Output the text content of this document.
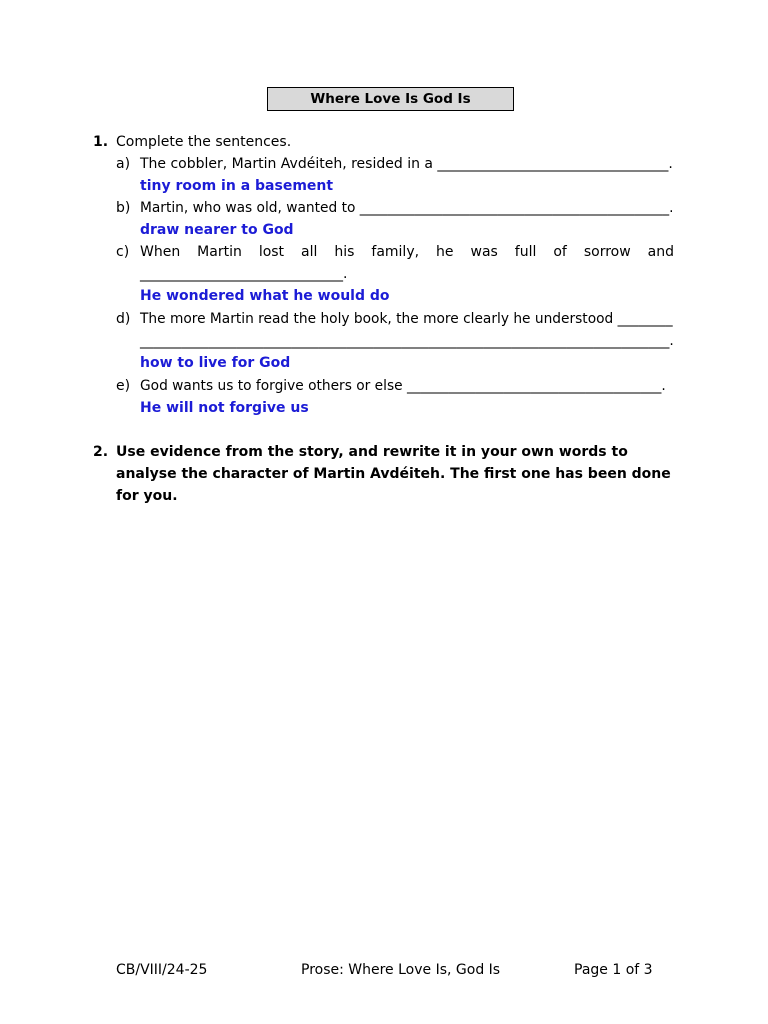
Where Love Is God Is
1. Complete the sentences.
a) The cobbler, Martin Avdéiteh, resided in a _________________________________.
tiny room in a basement
b) Martin, who was old, wanted to _____________________________________________.
draw nearer to God
c) When Martin lost all his family, he was full of sorrow and
_____________________________.
He wondered what he would do
d) The more Martin read the holy book, the more clearly he understood ________
_____________________________________________________________________________.
how to live for God
e) God wants us to forgive others or else _____________________________________.
He will not forgive us
2. Use evidence from the story, and rewrite it in your own words to analyse the character of Martin Avdéiteh. The first one has been done for you.
CB/VIII/24-25	Prose: Where Love Is, God Is	Page 1 of 3
